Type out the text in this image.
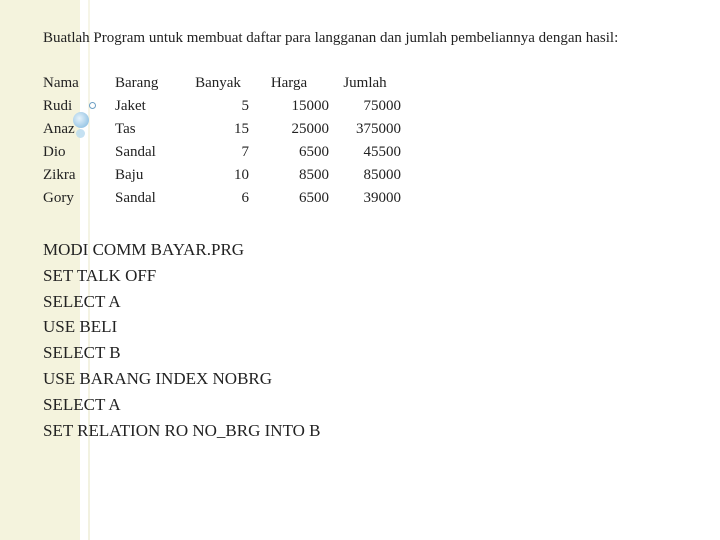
Buatlah Program untuk membuat daftar para langganan dan jumlah pembeliannya dengan hasil:
Nama	Barang	Banyak	Harga	Jumlah
Rudi	Jaket	5	15000	75000
Anaz	Tas	15	25000	375000
Dio	Sandal	7	6500	45500
Zikra	Baju	10	8500	85000
Gory	Sandal	6	6500	39000
MODI COMM BAYAR.PRG
SET TALK OFF
SELECT A
USE BELI
SELECT B
USE BARANG INDEX NOBRG
SELECT A
SET RELATION RO NO_BRG INTO B
